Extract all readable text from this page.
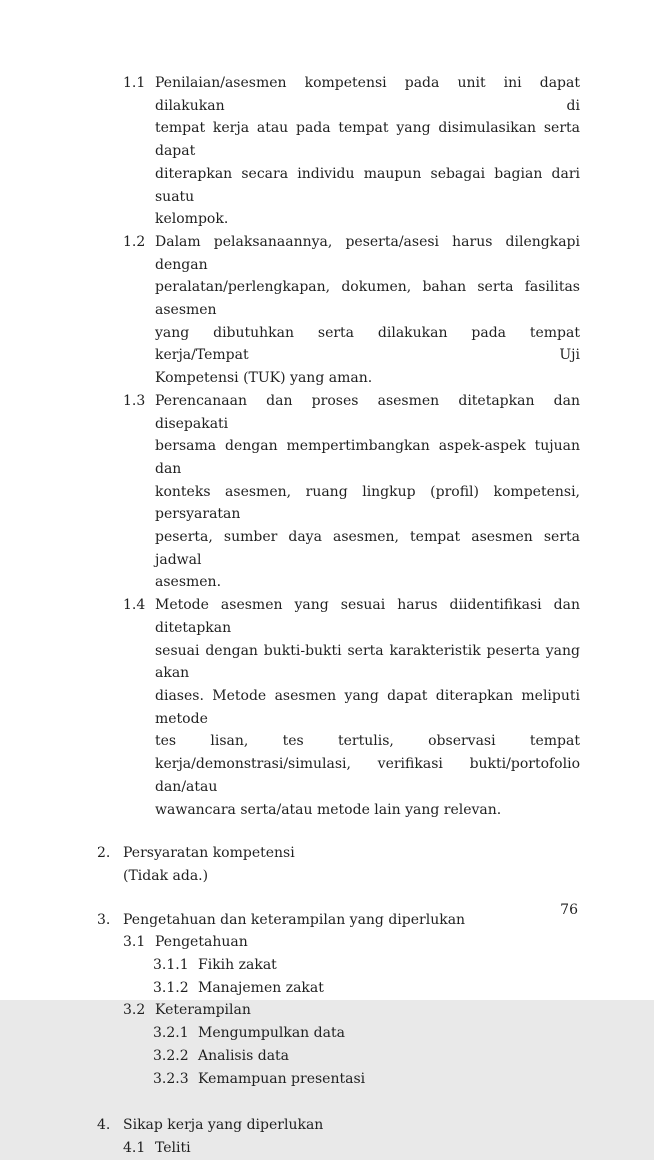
1.1 Penilaian/asesmen kompetensi pada unit ini dapat dilakukan di
tempat kerja atau pada tempat yang disimulasikan serta dapat
diterapkan secara individu maupun sebagai bagian dari suatu
kelompok.
1.2 Dalam pelaksanaannya, peserta/asesi harus dilengkapi dengan
peralatan/perlengkapan, dokumen, bahan serta fasilitas asesmen
yang dibutuhkan serta dilakukan pada tempat kerja/Tempat Uji
Kompetensi (TUK) yang aman.
1.3 Perencanaan dan proses asesmen ditetapkan dan disepakati
bersama dengan mempertimbangkan aspek-aspek tujuan dan
konteks asesmen, ruang lingkup (profil) kompetensi, persyaratan
peserta, sumber daya asesmen, tempat asesmen serta jadwal
asesmen.
1.4 Metode asesmen yang sesuai harus diidentifikasi dan ditetapkan
sesuai dengan bukti-bukti serta karakteristik peserta yang akan
diases. Metode asesmen yang dapat diterapkan meliputi metode
tes lisan, tes tertulis, observasi tempat
kerja/demonstrasi/simulasi, verifikasi bukti/portofolio dan/atau
wawancara serta/atau metode lain yang relevan.
2. Persyaratan kompetensi
(Tidak ada.)
3. Pengetahuan dan keterampilan yang diperlukan
3.1 Pengetahuan
3.1.1 Fikih zakat
3.1.2 Manajemen zakat
3.2 Keterampilan
3.2.1 Mengumpulkan data
3.2.2 Analisis data
3.2.3 Kemampuan presentasi
4. Sikap kerja yang diperlukan
4.1 Teliti
76
